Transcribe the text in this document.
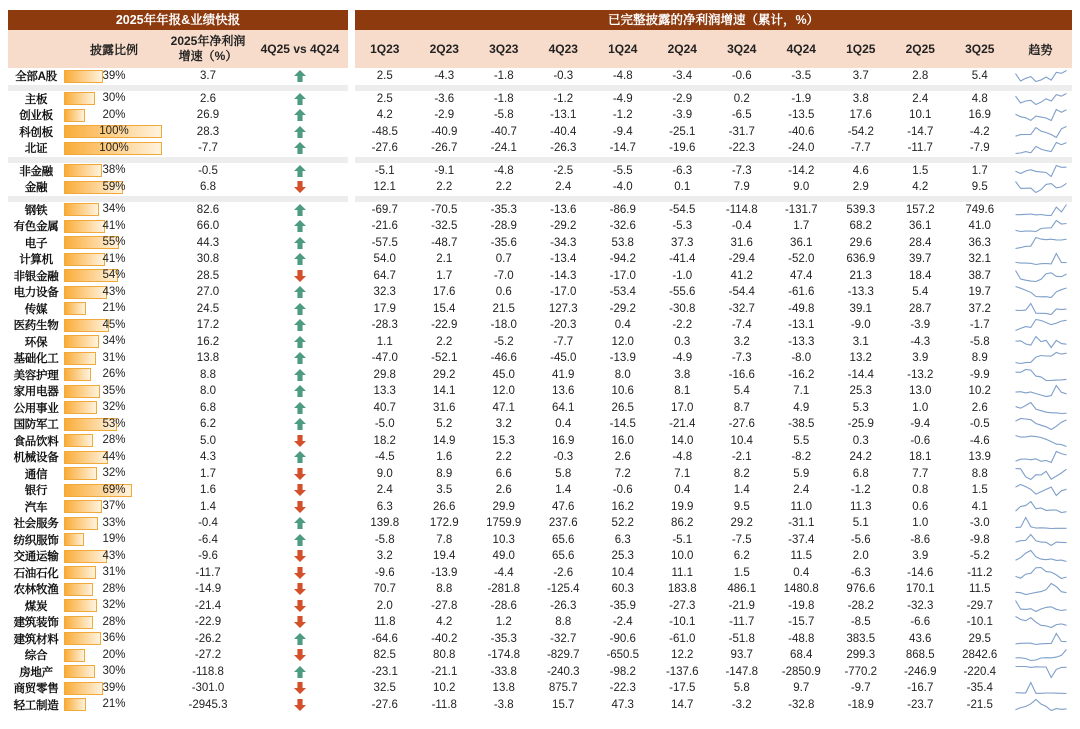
2025年年报&业绩快报	已完整披露的净利润增速（累计，%）
披露比例
2025年净利润
增速（%）	4Q25 vs 4Q24	1Q23	2Q23	3Q23	4Q23	1Q24	2Q24	3Q24	4Q24	1Q25	2Q25	3Q25	趋势
全部A股	39%	3.7	2.5	-4.3	-1.8	-0.3	-4.8	-3.4	-0.6	-3.5	3.7	2.8	5.4
主板	30%	2.6	2.5	-3.6	-1.8	-1.2	-4.9	-2.9	0.2	-1.9	3.8	2.4	4.8
创业板	20%	26.9	4.2	-2.9	-5.8	-13.1	-1.2	-3.9	-6.5	-13.5	17.6	10.1	16.9
科创板	100%	28.3	-48.5	-40.9	-40.7	-40.4	-9.4	-25.1	-31.7	-40.6	-54.2	-14.7	-4.2
北证	100%	-7.7	-27.6	-26.7	-24.1	-26.3	-14.7	-19.6	-22.3	-24.0	-7.7	-11.7	-7.9
非金融	38%	-0.5	-5.1	-9.1	-4.8	-2.5	-5.5	-6.3	-7.3	-14.2	4.6	1.5	1.7
金融	59%	6.8	12.1	2.2	2.2	2.4	-4.0	0.1	7.9	9.0	2.9	4.2	9.5
钢铁	34%	82.6	-69.7	-70.5	-35.3	-13.6	-86.9	-54.5	-114.8	-131.7	539.3	157.2	749.6
有色金属	41%	66.0	-21.6	-32.5	-28.9	-29.2	-32.6	-5.3	-0.4	1.7	68.2	36.1	41.0
电子	55%	44.3	-57.5	-48.7	-35.6	-34.3	53.8	37.3	31.6	36.1	29.6	28.4	36.3
计算机	41%	30.8	54.0	2.1	0.7	-13.4	-94.2	-41.4	-29.4	-52.0	636.9	39.7	32.1
非银金融	54%	28.5	64.7	1.7	-7.0	-14.3	-17.0	-1.0	41.2	47.4	21.3	18.4	38.7
电力设备	43%	27.0	32.3	17.6	0.6	-17.0	-53.4	-55.6	-54.4	-61.6	-13.3	5.4	19.7
传媒	21%	24.5	17.9	15.4	21.5	127.3	-29.2	-30.8	-32.7	-49.8	39.1	28.7	37.2
医药生物	45%	17.2	-28.3	-22.9	-18.0	-20.3	0.4	-2.2	-7.4	-13.1	-9.0	-3.9	-1.7
环保	34%	16.2	1.1	2.2	-5.2	-7.7	12.0	0.3	3.2	-13.3	3.1	-4.3	-5.8
基础化工	31%	13.8	-47.0	-52.1	-46.6	-45.0	-13.9	-4.9	-7.3	-8.0	13.2	3.9	8.9
美容护理	26%	8.8	29.8	29.2	45.0	41.9	8.0	3.8	-16.6	-16.2	-14.4	-13.2	-9.9
家用电器	35%	8.0	13.3	14.1	12.0	13.6	10.6	8.1	5.4	7.1	25.3	13.0	10.2
公用事业	32%	6.8	40.7	31.6	47.1	64.1	26.5	17.0	8.7	4.9	5.3	1.0	2.6
国防军工	53%	6.2	-5.0	5.2	3.2	0.4	-14.5	-21.4	-27.6	-38.5	-25.9	-9.4	-0.5
食品饮料	28%	5.0	18.2	14.9	15.3	16.9	16.0	14.0	10.4	5.5	0.3	-0.6	-4.6
机械设备	44%	4.3	-4.5	1.6	2.2	-0.3	2.6	-4.8	-2.1	-8.2	24.2	18.1	13.9
通信	32%	1.7	9.0	8.9	6.6	5.8	7.2	7.1	8.2	5.9	6.8	7.7	8.8
银行	69%	1.6	2.4	3.5	2.6	1.4	-0.6	0.4	1.4	2.4	-1.2	0.8	1.5
汽车	37%	1.4	6.3	26.6	29.9	47.6	16.2	19.9	9.5	11.0	11.3	0.6	4.1
社会服务	33%	-0.4	139.8	172.9	1759.9	237.6	52.2	86.2	29.2	-31.1	5.1	1.0	-3.0
纺织服饰	19%	-6.4	-5.8	7.8	10.3	65.6	6.3	-5.1	-7.5	-37.4	-5.6	-8.6	-9.8
交通运输	43%	-9.6	3.2	19.4	49.0	65.6	25.3	10.0	6.2	11.5	2.0	3.9	-5.2
石油石化	31%	-11.7	-9.6	-13.9	-4.4	-2.6	10.4	11.1	1.5	0.4	-6.3	-14.6	-11.2
农林牧渔	28%	-14.9	70.7	8.8	-281.8	-125.4	60.3	183.8	486.1	1480.8	976.6	170.1	11.5
煤炭	32%	-21.4	2.0	-27.8	-28.6	-26.3	-35.9	-27.3	-21.9	-19.8	-28.2	-32.3	-29.7
建筑装饰	28%	-22.9	11.8	4.2	1.2	8.8	-2.4	-10.1	-11.7	-15.7	-8.5	-6.6	-10.1
建筑材料	36%	-26.2	-64.6	-40.2	-35.3	-32.7	-90.6	-61.0	-51.8	-48.8	383.5	43.6	29.5
综合	20%	-27.2	82.5	80.8	-174.8	-829.7	-650.5	12.2	93.7	68.4	299.3	868.5	2842.6
房地产	30%	-118.8	-23.1	-21.1	-33.8	-240.3	-98.2	-137.6	-147.8	-2850.9	-770.2	-246.9	-220.4
商贸零售	39%	-301.0	32.5	10.2	13.8	875.7	-22.3	-17.5	5.8	9.7	-9.7	-16.7	-35.4
轻工制造	21%	-2945.3	-27.6	-11.8	-3.8	15.7	47.3	14.7	-3.2	-32.8	-18.9	-23.7	-21.5
